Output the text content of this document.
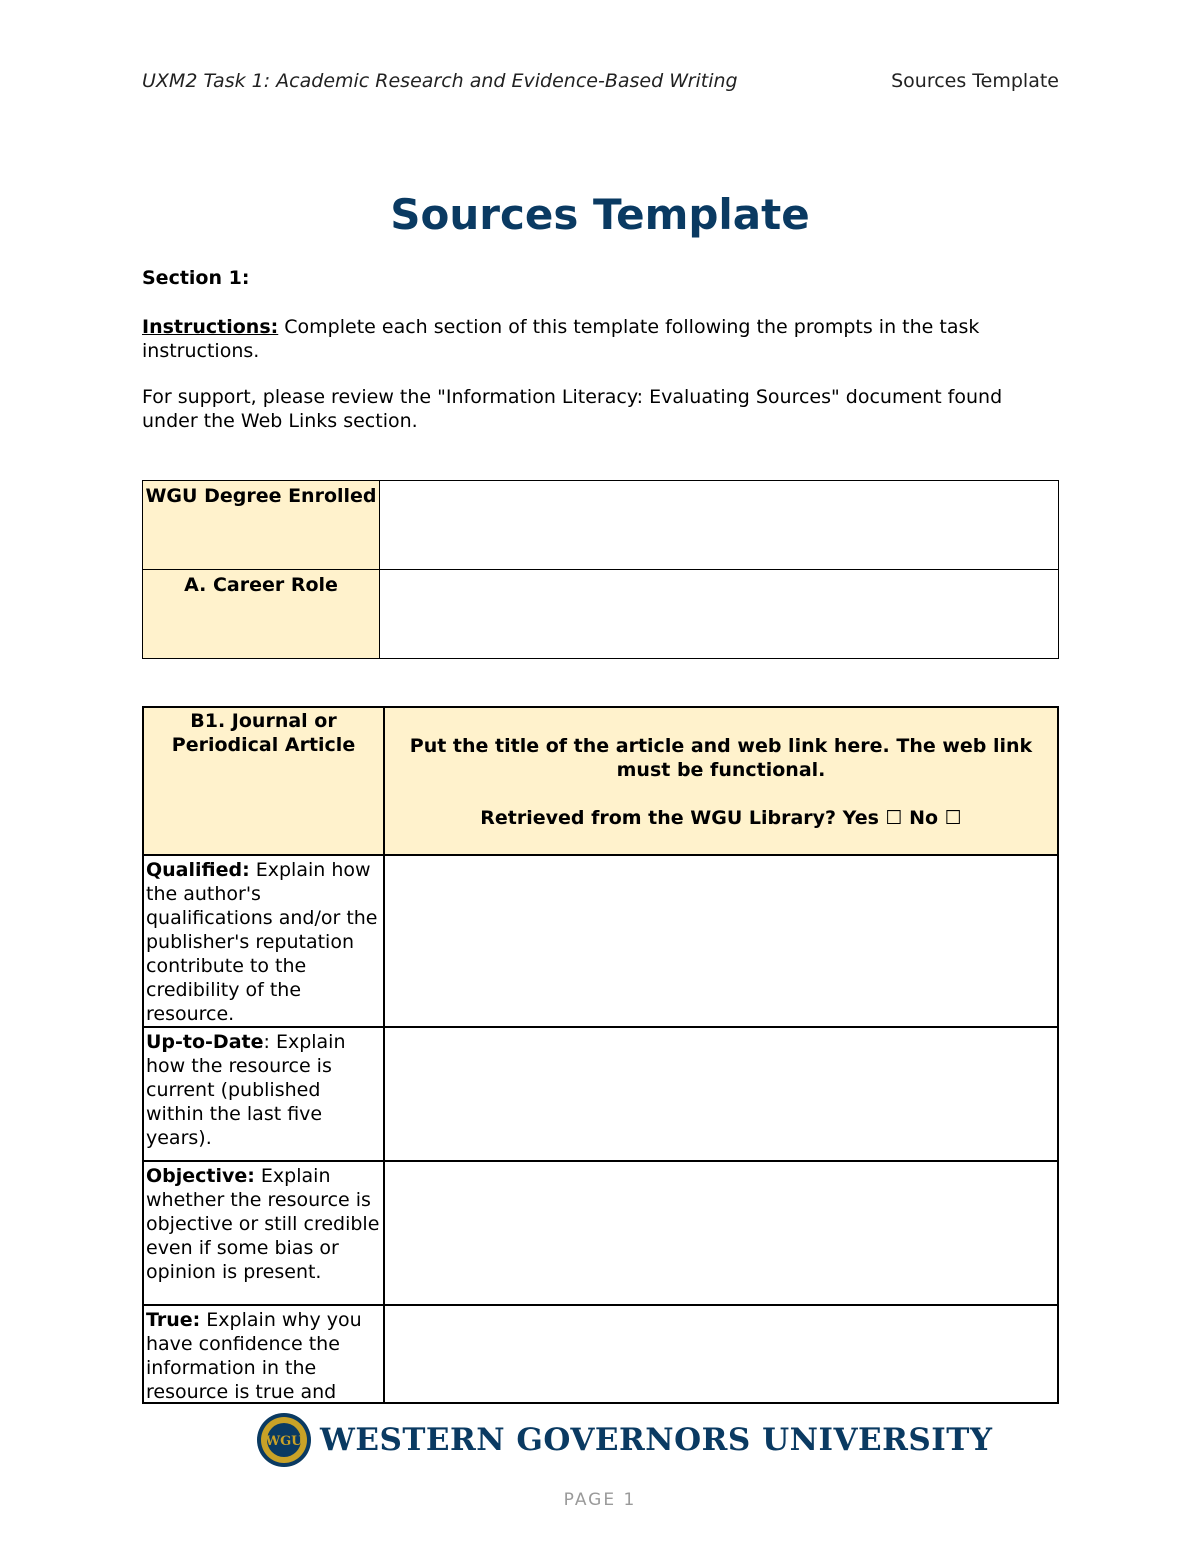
UXM2 Task 1: Academic Research and Evidence-Based Writing	Sources Template
Sources Template
Section 1:
Instructions: Complete each section of this template following the prompts in the task instructions.
For support, please review the "Information Literacy: Evaluating Sources" document found under the Web Links section.
WGU Degree Enrolled	
A. Career Role	
B1. Journal or Periodical Article	Put the title of the article and web link here. The web link must be functional.
Retrieved from the WGU Library? Yes ☐ No ☐

Qualified: Explain how the author's qualifications and/or the publisher's reputation contribute to the credibility of the resource.	
Up-to-Date: Explain how the resource is current (published within the last five years).	
Objective: Explain whether the resource is objective or still credible even if some bias or opinion is present.	

True: Explain why you have confidence the information in the resource is true and	

WGU WESTERN GOVERNORS UNIVERSITY
PAGE 1
